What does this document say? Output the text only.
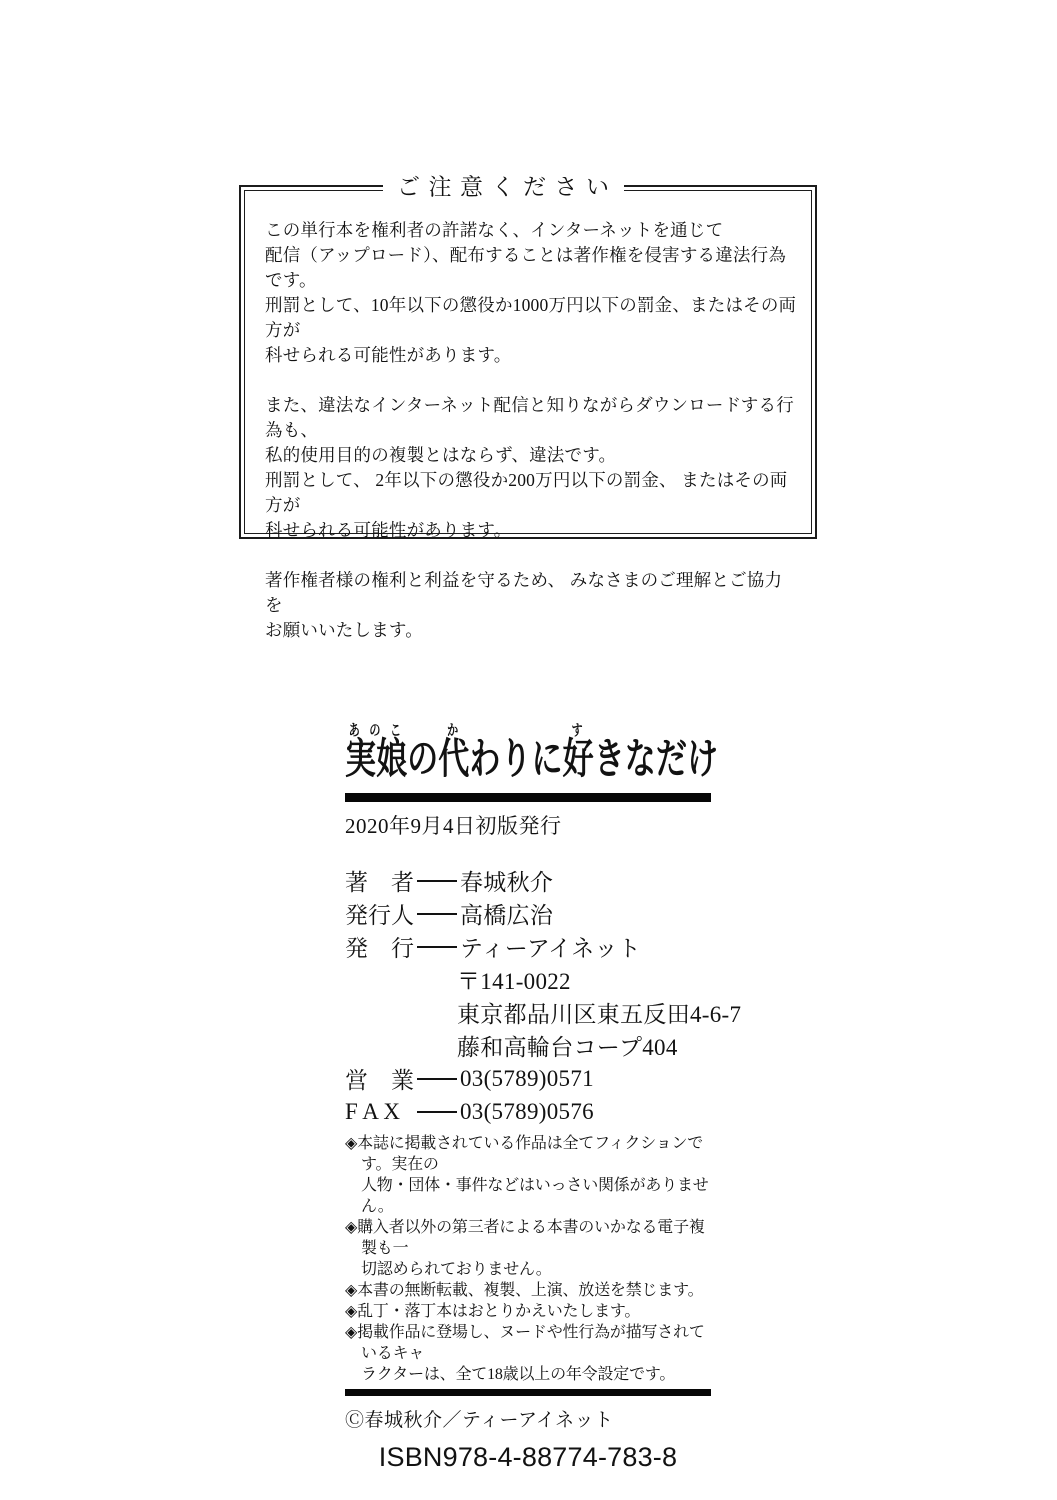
ご 注 意 く だ さ い

この単行本を権利者の許諾なく、インターネットを通じて
配信（アップロード）、配布することは著作権を侵害する違法行為です。
刑罰として、10年以下の懲役か1000万円以下の罰金、またはその両方が
科せられる可能性があります。

また、違法なインターネット配信と知りながらダウンロードする行為も、
私的使用目的の複製とはならず、違法です。
刑罰として、 2年以下の懲役か200万円以下の罰金、 またはその両方が
科せられる可能性があります。

著作権者様の権利と利益を守るため、 みなさまのご理解とご協力を
お願いいたします。

実娘あのこの代かわりに好すきなだけ
2020年9月4日初版発行
著　者 春城秋介
発行人 高橋広治
発　行 ティーアイネット
〒141-0022
東京都品川区東五反田4-6-7
藤和高輪台コープ404
営　業 03(5789)0571
F A X	03(5789)0576
◈本誌に掲載されている作品は全てフィクションです。実在の
人物・団体・事件などはいっさい関係がありません。
◈購入者以外の第三者による本書のいかなる電子複製も一
切認められておりません。
◈本書の無断転載、複製、上演、放送を禁じます。
◈乱丁・落丁本はおとりかえいたします。
◈掲載作品に登場し、ヌードや性行為が描写されているキャ
ラクターは、全て18歳以上の年令設定です。
Ⓒ春城秋介／ティーアイネット
ISBN978-4-88774-783-8
